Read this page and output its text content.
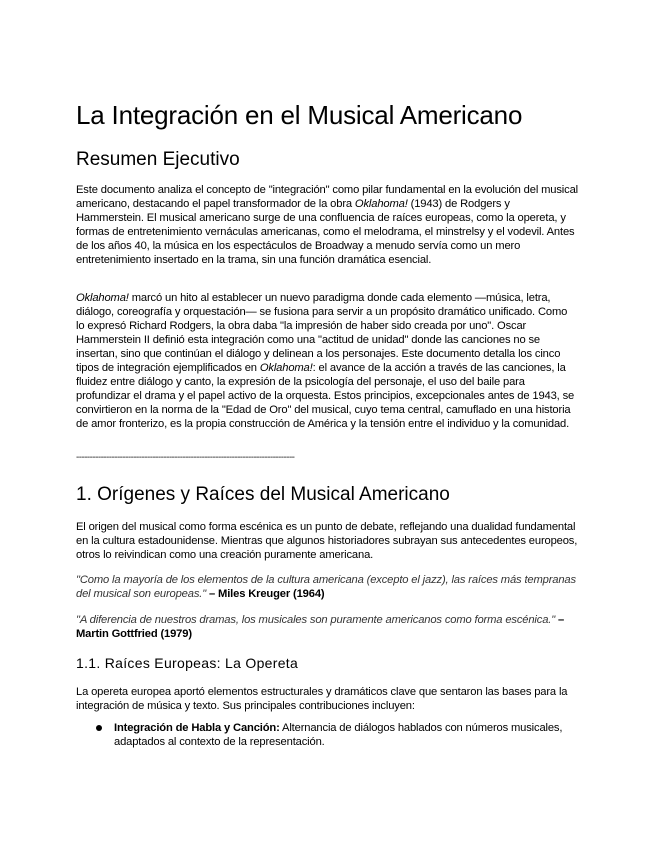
La Integración en el Musical Americano
Resumen Ejecutivo

Este documento analiza el concepto de "integración" como pilar fundamental en la evolución del musical americano, destacando el papel transformador de la obra Oklahoma! (1943) de Rodgers y Hammerstein. El musical americano surge de una confluencia de raíces europeas, como la opereta, y formas de entretenimiento vernáculas americanas, como el melodrama, el minstrelsy y el vodevil. Antes de los años 40, la música en los espectáculos de Broadway a menudo servía como un mero entretenimiento insertado en la trama, sin una función dramática esencial.

Oklahoma! marcó un hito al establecer un nuevo paradigma donde cada elemento —música, letra, diálogo, coreografía y orquestación— se fusiona para servir a un propósito dramático unificado. Como lo expresó Richard Rodgers, la obra daba "la impresión de haber sido creada por uno". Oscar Hammerstein II definió esta integración como una "actitud de unidad" donde las canciones no se insertan, sino que continúan el diálogo y delinean a los personajes. Este documento detalla los cinco tipos de integración ejemplificados en Oklahoma!: el avance de la acción a través de las canciones, la fluidez entre diálogo y canto, la expresión de la psicología del personaje, el uso del baile para profundizar el drama y el papel activo de la orquesta. Estos principios, excepcionales antes de 1943, se convirtieron en la norma de la "Edad de Oro" del musical, cuyo tema central, camuflado en una historia de amor fronterizo, es la propia construcción de América y la tensión entre el individuo y la comunidad.

--------------------------------------------------------------------------------
1. Orígenes y Raíces del Musical Americano

El origen del musical como forma escénica es un punto de debate, reflejando una dualidad fundamental en la cultura estadounidense. Mientras que algunos historiadores subrayan sus antecedentes europeos, otros lo reivindican como una creación puramente americana.

"Como la mayoría de los elementos de la cultura americana (excepto el jazz), las raíces más tempranas del musical son europeas." – Miles Kreuger (1964)

"A diferencia de nuestros dramas, los musicales son puramente americanos como forma escénica." – Martin Gottfried (1979)

1.1. Raíces Europeas: La Opereta

La opereta europea aportó elementos estructurales y dramáticos clave que sentaron las bases para la integración de música y texto. Sus principales contribuciones incluyen:

Integración de Habla y Canción: Alternancia de diálogos hablados con números musicales, adaptados al contexto de la representación.
